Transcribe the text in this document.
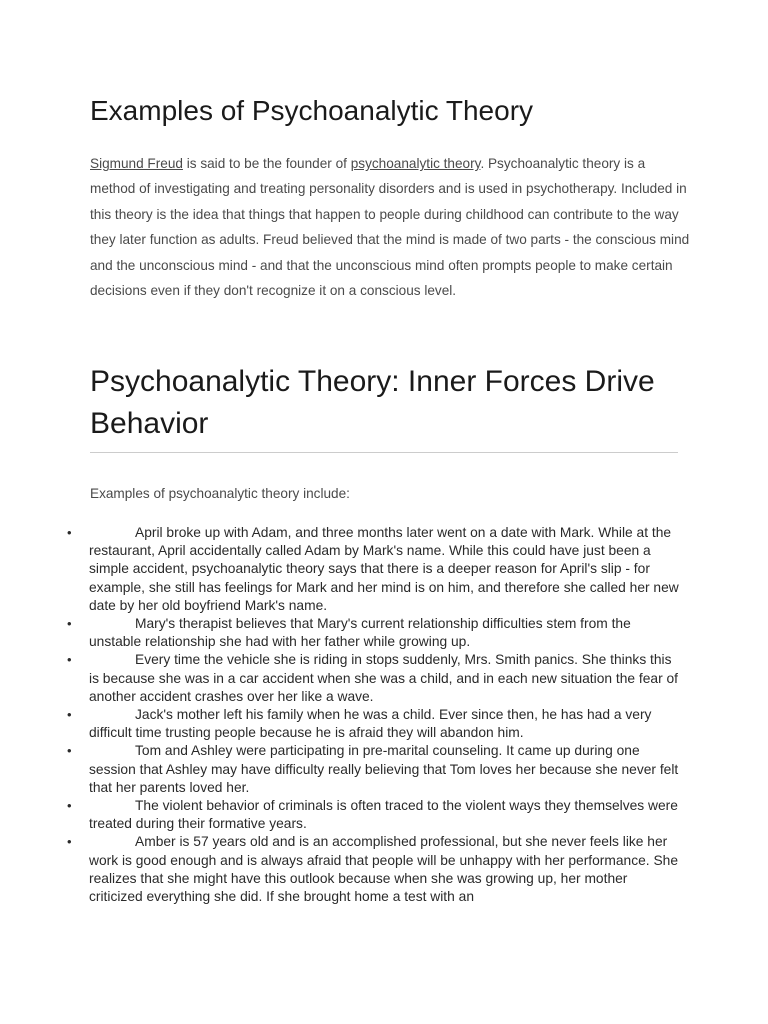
Examples of Psychoanalytic Theory

Sigmund Freud is said to be the founder of psychoanalytic theory. Psychoanalytic theory is a method of investigating and treating personality disorders and is used in psychotherapy. Included in this theory is the idea that things that happen to people during childhood can contribute to the way they later function as adults. Freud believed that the mind is made of two parts - the conscious mind and the unconscious mind - and that the unconscious mind often prompts people to make certain decisions even if they don't recognize it on a conscious level.

Psychoanalytic Theory: Inner Forces Drive Behavior

Examples of psychoanalytic theory include:

•	April broke up with Adam, and three months later went on a date with Mark. While at the restaurant, April accidentally called Adam by Mark's name. While this could have just been a simple accident, psychoanalytic theory says that there is a deeper reason for April's slip - for example, she still has feelings for Mark and her mind is on him, and therefore she called her new date by her old boyfriend Mark's name.
•	Mary's therapist believes that Mary's current relationship difficulties stem from the unstable relationship she had with her father while growing up.
•	Every time the vehicle she is riding in stops suddenly, Mrs. Smith panics. She thinks this is because she was in a car accident when she was a child, and in each new situation the fear of another accident crashes over her like a wave.
•	Jack's mother left his family when he was a child. Ever since then, he has had a very difficult time trusting people because he is afraid they will abandon him.
•	Tom and Ashley were participating in pre-marital counseling. It came up during one session that Ashley may have difficulty really believing that Tom loves her because she never felt that her parents loved her.
•	The violent behavior of criminals is often traced to the violent ways they themselves were treated during their formative years.
•	Amber is 57 years old and is an accomplished professional, but she never feels like her work is good enough and is always afraid that people will be unhappy with her performance. She realizes that she might have this outlook because when she was growing up, her mother criticized everything she did. If she brought home a test with an
